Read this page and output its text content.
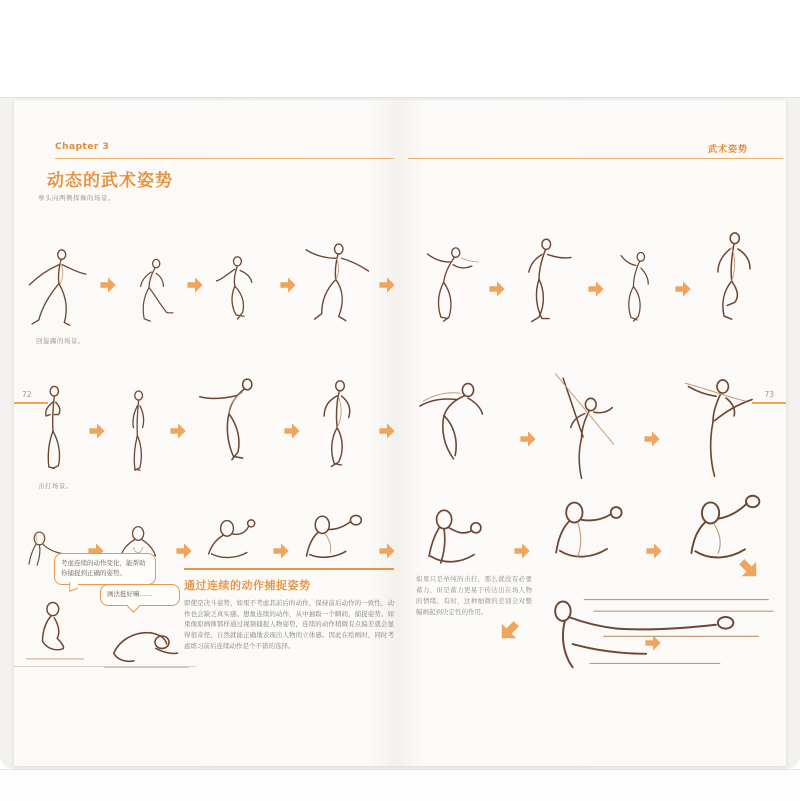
Chapter 3
动态的武术姿势
拳头向两侧挥舞的场景。
回旋踢的场景。
击打场景。
考虑连续的动作变化，能帮助你捕捉到正确的姿势。
画法挺好嘛……
通过连续的动作捕捉姿势

即使是决斗姿势，如果不考虑其前后的动作，保持前后动作的一致性，动作也会缺乏真实感。想象连续的动作，从中抽取一个瞬间，捕捉姿势。如果像原画师那样通过视频捕捉人物姿势，连续的动作稍微有点偏差就会显得很奇怪，自然就能正确地表现出人物的立体感。因此在绘画时，同时考虑练习前后连续动作是个不错的选择。

72
武术姿势
如果只是单纯的击打，那么就没有必要蓄力，但是蓄力更易于传达出在场人物的情绪。有时，这种细微的差别会对整幅画起到决定性的作用。
73
